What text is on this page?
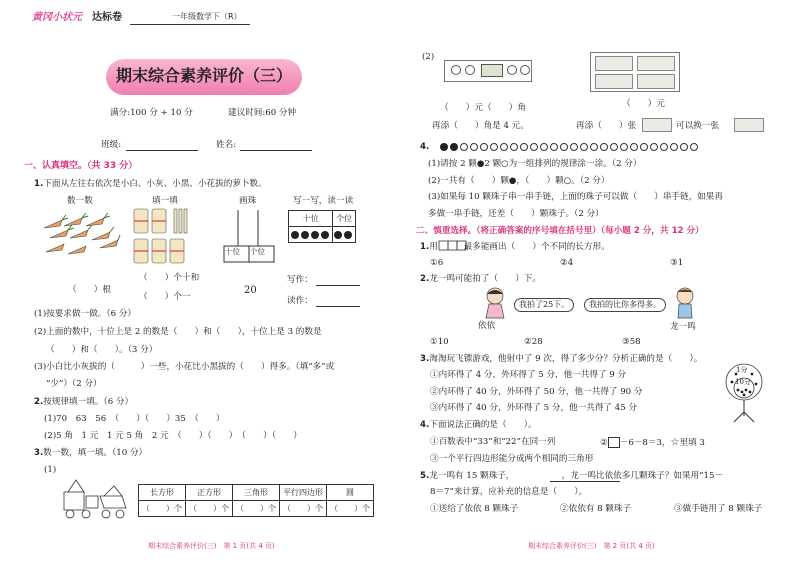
黄冈小状元 达标卷	一年级数学下（R）
期末综合素养评价（三）
满分:100 分 + 10 分	建议时间:60 分钟
班级:	姓名:
一、认真填空。（共 33 分）
1.下面从左往右依次是小白、小灰、小黑、小花拔的萝卜数。
数一数	填一填	画珠	写一写，读一读
十位 个位
十位	个位

（　　）个十和
（　　）根	20
（　　）个一
写作：
读作：
(1)按要求做一做。（6 分）
(2)上面的数中，十位上是 2 的数是（　　）和（　　），十位上是 3 的数是
（　　）和（　　）。（3 分）
(3)小白比小灰拔的（　　　）一些，小花比小黑拔的（　　）得多。（填“多”或
“少”）（2 分）
2.按规律填一填。（6 分）
(1)70　63　56　（　　）（　　）35　（　　）
(2)5 角　1 元　1 元 5 角　2 元　（　　）（　　）　（　　）（　　）
3.数一数，填一填。（10 分）
(1)
长方形	正方形	三角形	平行四边形	圆
（　　）个	（　　）个	（　　）个	（　　）个	（　　）个
期末综合素养评价(三)　第 1 页(共 4 页)
(2)
（　　）元（　　）角	（　　）元
再添（　　）角是 4 元。	再添（　　）张	可以换一张
4.
(1)请按 2 颗●2 颗○为一组排列的规律涂一涂。（2 分）
(2)一共有（　　）颗●，（　　）颗○。（2 分）
(3)如果每 10 颗珠子串一串手链，上面的珠子可以做（　　）串手链，如果再
多做一串手链，还差（　　）颗珠子。（2 分）
二、慎重选择。（将正确答案的序号填在括号里）（每小题 2 分，共 12 分）
1.用　　　最多能画出（　　）个不同的长方形。
①6	②4	③1
2.龙一鸣可能拍了（　　）下。
依依
我拍了25下。	我拍的比你多得多。
龙一鸣
①10	②28	③58
3.淘淘玩飞镖游戏，他射中了 9 次，得了多少分？分析正确的是（　　）。
①内环得了 4 分，外环得了 5 分，他一共得了 9 分
②内环得了 40 分，外环得了 50 分，他一共得了 90 分
③内环得了 40 分，外环得了 5 分，他一共得了 45 分
1分
10分
4.下面说法正确的是（　　）。
①百数表中“33”和“22”在同一列	② －6－8＝3，☆里填 3
③一个平行四边形能分成两个相同的三角形
5.龙一鸣有 15 颗珠子，　　　　　　，龙一鸣比依依多几颗珠子？如果用“15－
8＝7”来计算，应补充的信息是（　　）。
①送给了依依 8 颗珠子	②依依有 8 颗珠子	③做手链用了 8 颗珠子
期末综合素养评价(三)　第 2 页(共 4 页)
